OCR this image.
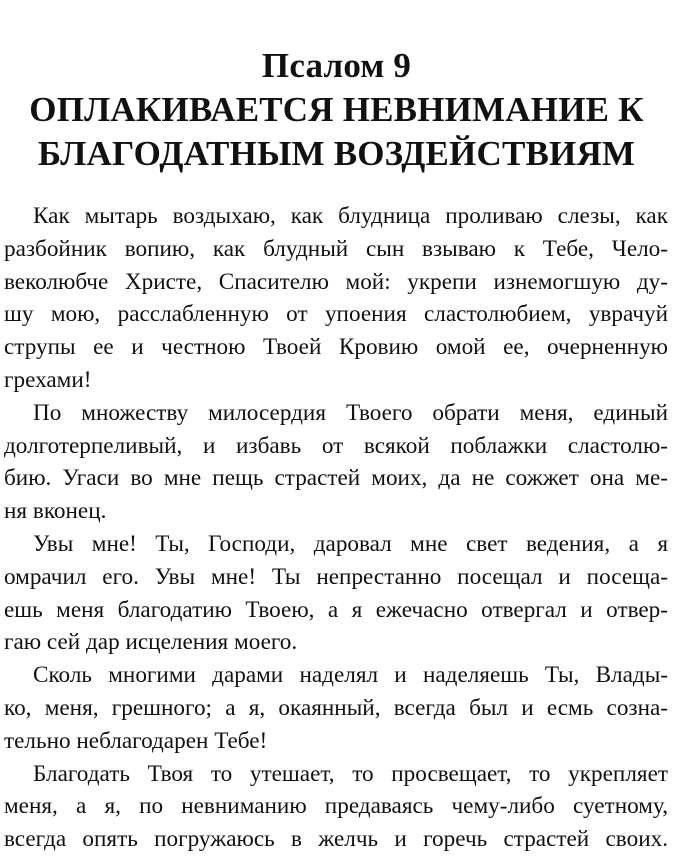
Псалом 9
ОПЛАКИВАЕТСЯ НЕВНИМАНИЕ К
БЛАГОДАТНЫМ ВОЗДЕЙСТВИЯМ
Как мытарь воздыхаю, как блудница проливаю слезы, как
разбойник вопию, как блудный сын взываю к Тебе, Чело-
веколюбче Христе, Спасителю мой: укрепи изнемогшую ду-
шу мою, расслабленную от упоения сластолюбием, уврачуй
струпы ее и честною Твоей Кровию омой ее, очерненную
грехами!
По множеству милосердия Твоего обрати меня, единый
долготерпеливый, и избавь от всякой поблажки сластолю-
бию. Угаси во мне пещь страстей моих, да не сожжет она ме-
ня вконец.
Увы мне! Ты, Господи, даровал мне свет ведения, а я
омрачил его. Увы мне! Ты непрестанно посещал и посеща-
ешь меня благодатию Твоею, а я ежечасно отвергал и отвер-
гаю сей дар исцеления моего.
Сколь многими дарами наделял и наделяешь Ты, Влады-
ко, меня, грешного; а я, окаянный, всегда был и есмь созна-
тельно неблагодарен Тебе!
Благодать Твоя то утешает, то просвещает, то укрепляет
меня, а я, по невниманию предаваясь чему-либо суетному,
всегда опять погружаюсь в желчь и горечь страстей своих.
